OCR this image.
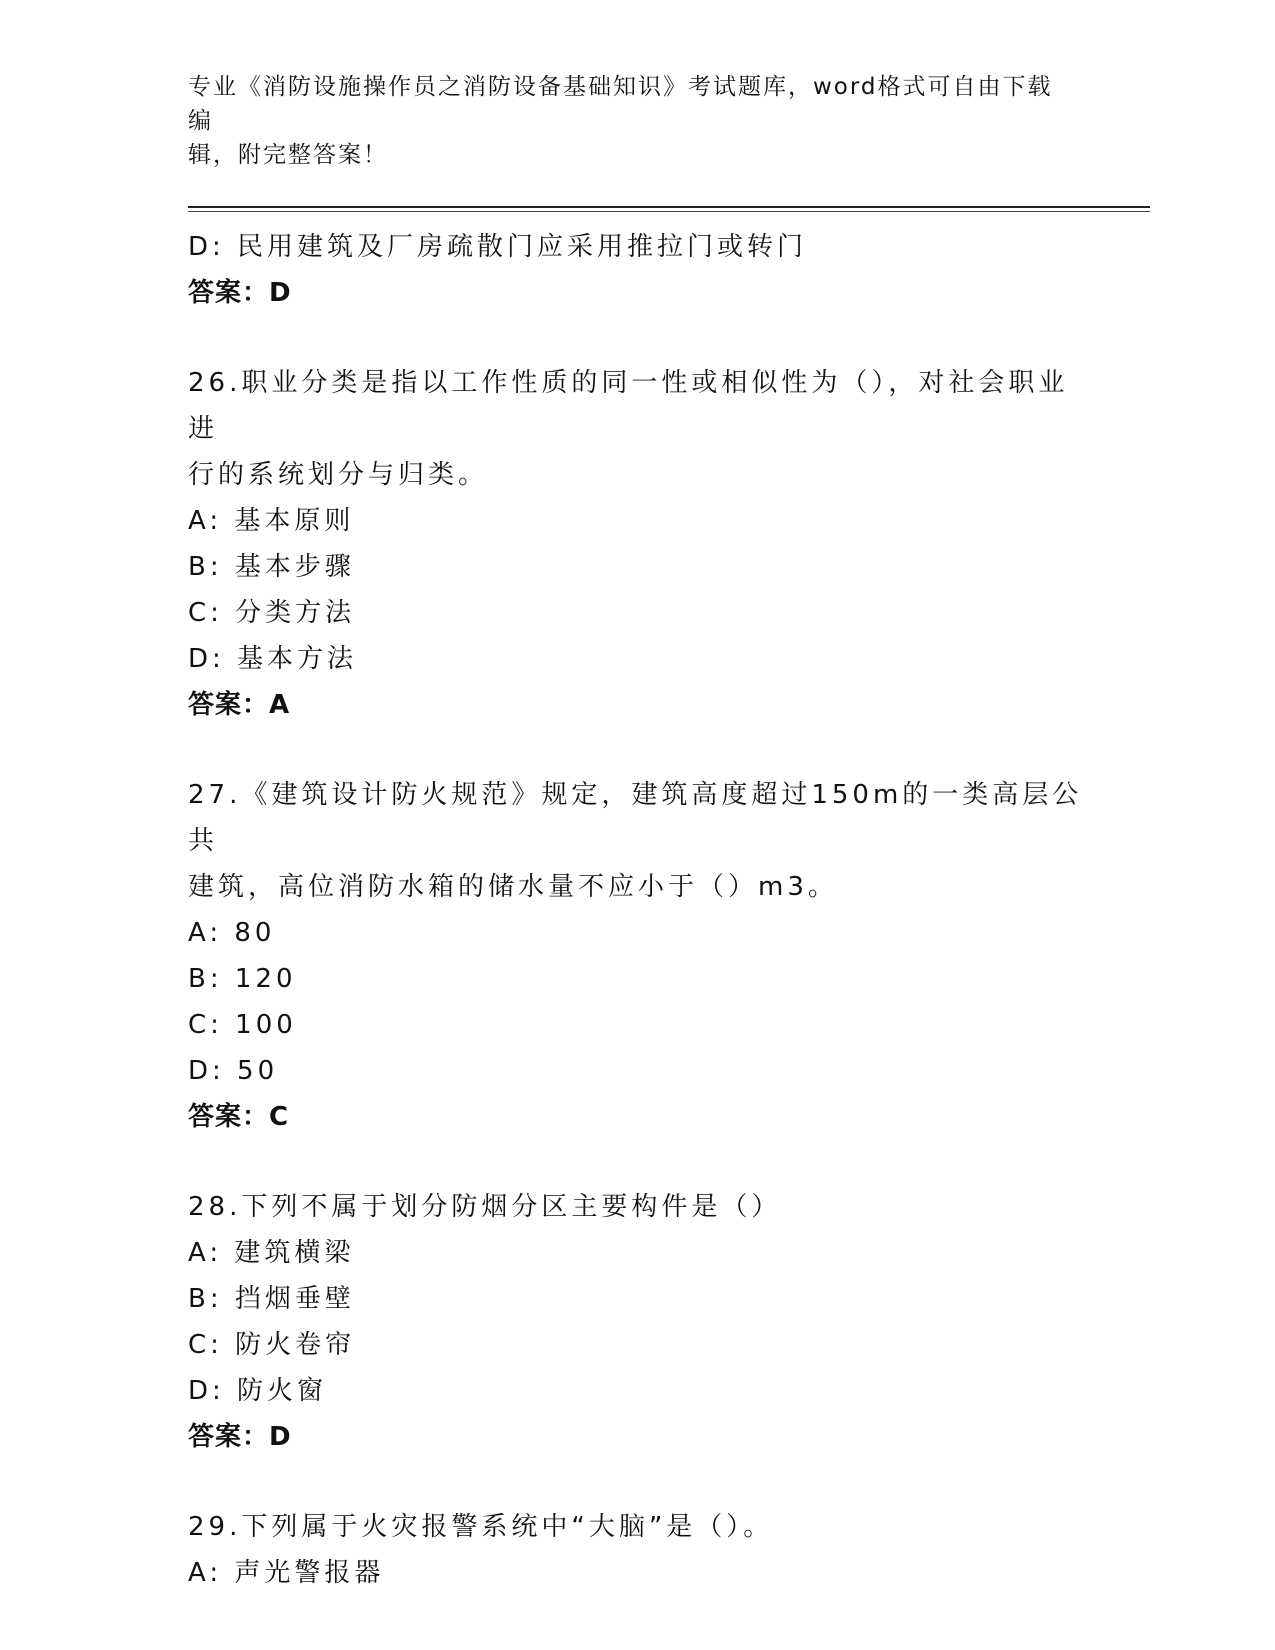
专业《消防设施操作员之消防设备基础知识》考试题库，word格式可自由下载编

辑，附完整答案！

D: 民用建筑及厂房疏散门应采用推拉门或转门

答案：D

26.职业分类是指以工作性质的同一性或相似性为（），对社会职业进

行的系统划分与归类。

A: 基本原则

B: 基本步骤

C: 分类方法

D: 基本方法

答案：A

27.《建筑设计防火规范》规定，建筑高度超过150m的一类高层公共

建筑，高位消防水箱的储水量不应小于（）m3。

A: 80

B: 120

C: 100

D: 50

答案：C

28.下列不属于划分防烟分区主要构件是（）

A: 建筑横梁

B: 挡烟垂壁

C: 防火卷帘

D: 防火窗

答案：D

29.下列属于火灾报警系统中“大脑”是（）。

A: 声光警报器
